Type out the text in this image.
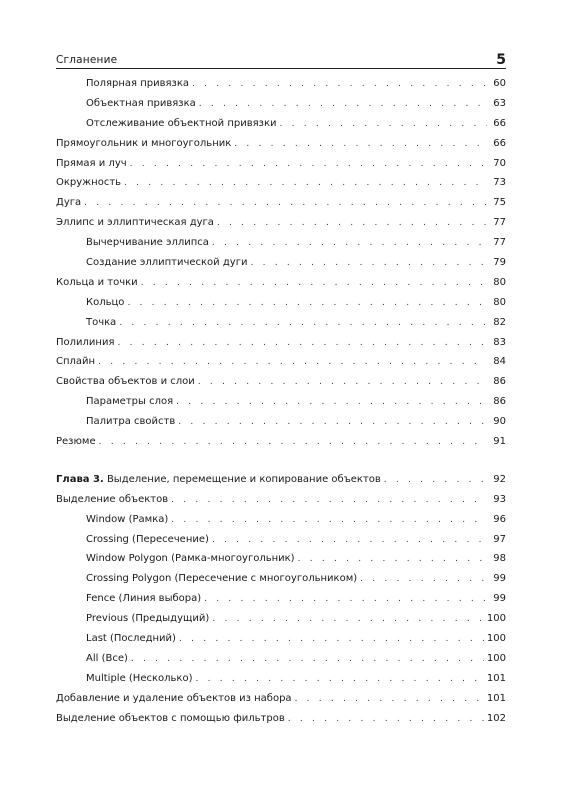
Сгланение	5
Полярная привязка . . .	60
Объектная привязка . . .	63
Отслеживание объектной привязки . . .	66
Прямоугольник и многоугольник . . .	66
Прямая и луч . . .	70
Окружность . . .	73
Дуга . . .	75
Эллипс и эллиптическая дуга . . .	77
Вычерчивание эллипса . . .	77
Создание эллиптической дуги . . .	79
Кольца и точки . . .	80
Кольцо . . .	80
Точка . . .	82
Полилиния . . .	83
Сплайн . . .	84
Свойства объектов и слои . . .	86
Параметры слоя . . .	86
Палитра свойств . . .	90
Резюме . . .	91
Глава 3. Выделение, перемещение и копирование объектов . . .	92
Выделение объектов . . .	93
Window (Рамка) . . .	96
Crossing (Пересечение) . . .	97
Window Polygon (Рамка-многоугольник) . . .	98
Crossing Polygon (Пересечение с многоугольником) . . .	99
Fence (Линия выбора) . . .	99
Previous (Предыдущий) . . .	100
Last (Последний) . . .	100
All (Все) . . .	100
Multiple (Несколько) . . .	101
Добавление и удаление объектов из набора . . .	101
Выделение объектов с помощью фильтров . . .	102
